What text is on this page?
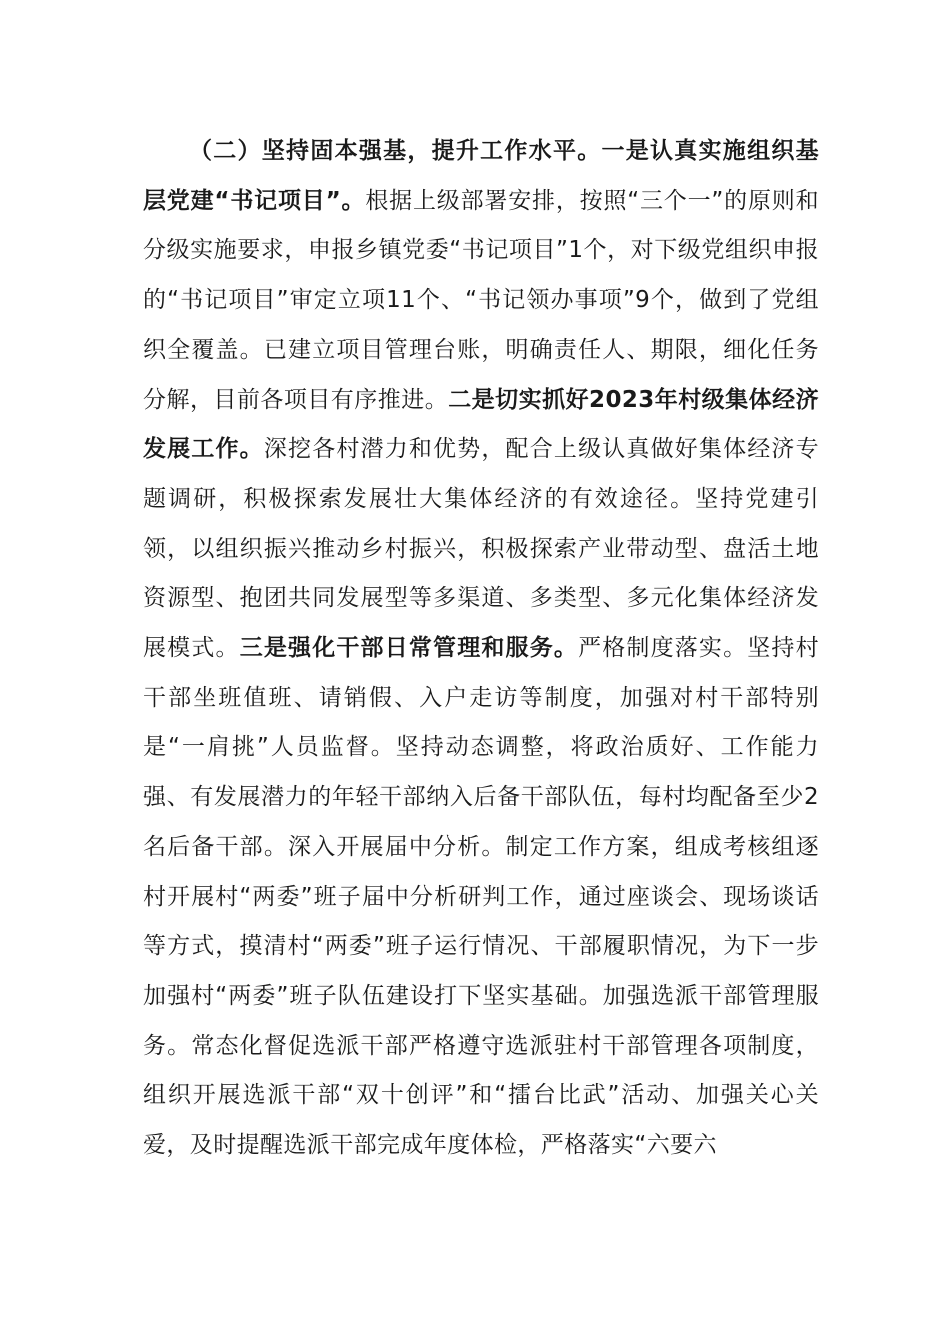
（二）坚持固本强基，提升工作水平。一是认真实施组织基层党建“书记项目”。根据上级部署安排，按照“三个一”的原则和分级实施要求，申报乡镇党委“书记项目”1个，对下级党组织申报的“书记项目”审定立项11个、“书记领办事项”9个，做到了党组织全覆盖。已建立项目管理台账，明确责任人、期限，细化任务分解，目前各项目有序推进。二是切实抓好2023年村级集体经济发展工作。深挖各村潜力和优势，配合上级认真做好集体经济专题调研，积极探索发展壮大集体经济的有效途径。坚持党建引领，以组织振兴推动乡村振兴，积极探索产业带动型、盘活土地资源型、抱团共同发展型等多渠道、多类型、多元化集体经济发展模式。三是强化干部日常管理和服务。严格制度落实。坚持村干部坐班值班、请销假、入户走访等制度，加强对村干部特别是“一肩挑”人员监督。坚持动态调整，将政治质好、工作能力强、有发展潜力的年轻干部纳入后备干部队伍，每村均配备至少2名后备干部。深入开展届中分析。制定工作方案，组成考核组逐村开展村“两委”班子届中分析研判工作，通过座谈会、现场谈话等方式，摸清村“两委”班子运行情况、干部履职情况，为下一步加强村“两委”班子队伍建设打下坚实基础。加强选派干部管理服务。常态化督促选派干部严格遵守选派驻村干部管理各项制度，组织开展选派干部“双十创评”和“擂台比武”活动、加强关心关爱，及时提醒选派干部完成年度体检，严格落实“六要六
